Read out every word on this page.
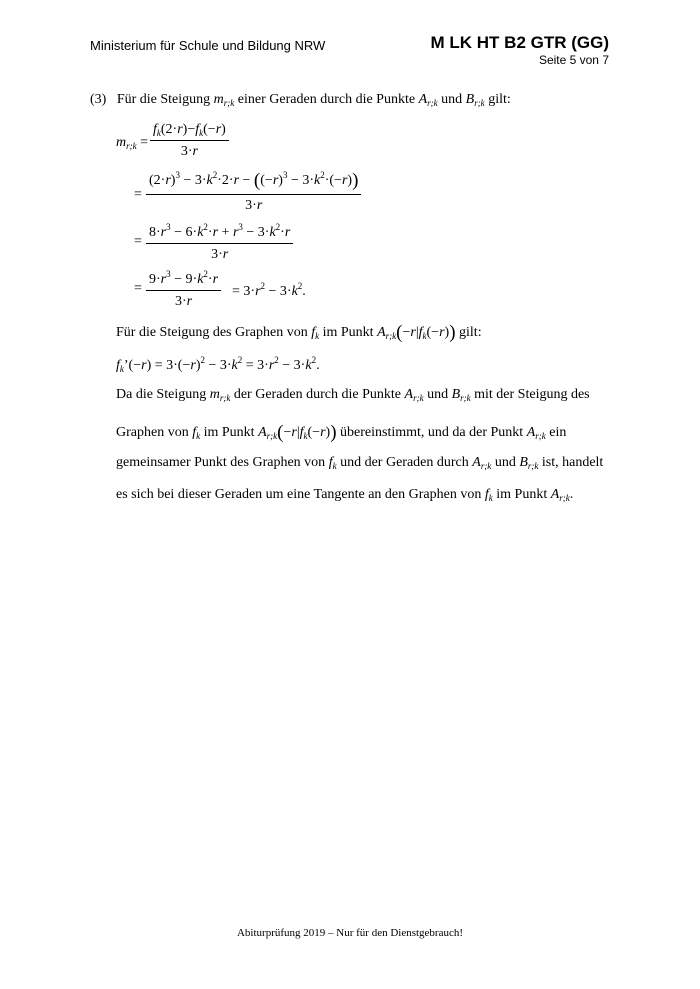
Ministerium für Schule und Bildung NRW	M LK HT B2 GTR (GG)
Seite 5 von 7
(3) Für die Steigung $m_{r;k}$ einer Geraden durch die Punkte $A_{r;k}$ und $B_{r;k}$ gilt:
$m_{r;k} = \frac{f_k(2\cdot r)-f_k(-r)}{3\cdot r}$
= $\frac{(2\cdot r)^3 - 3\cdot k^2\cdot 2\cdot r - ((-r)^3 - 3\cdot k^2\cdot(-r))}{3\cdot r}$
= $\frac{8\cdot r^3 - 6\cdot k^2\cdot r + r^3 - 3\cdot k^2\cdot r}{3\cdot r}$
= $\frac{9\cdot r^3 - 9\cdot k^2\cdot r}{3\cdot r} = 3\cdot r^2 - 3\cdot k^2$.
Für die Steigung des Graphen von $f_k$ im Punkt $A_{r;k}(-r|f_k(-r))$ gilt:
$f_k’(-r) = 3\cdot(-r)^2 - 3\cdot k^2 = 3\cdot r^2 - 3\cdot k^2$.
Da die Steigung $m_{r;k}$ der Geraden durch die Punkte $A_{r;k}$ und $B_{r;k}$ mit der Steigung des
Graphen von $f_k$ im Punkt $A_{r;k}(-r|f_k(-r))$ übereinstimmt, und da der Punkt $A_{r;k}$ ein
gemeinsamer Punkt des Graphen von $f_k$ und der Geraden durch $A_{r;k}$ und $B_{r;k}$ ist, handelt
es sich bei dieser Geraden um eine Tangente an den Graphen von $f_k$ im Punkt $A_{r;k}$.
Abiturprüfung 2019 – Nur für den Dienstgebrauch!
